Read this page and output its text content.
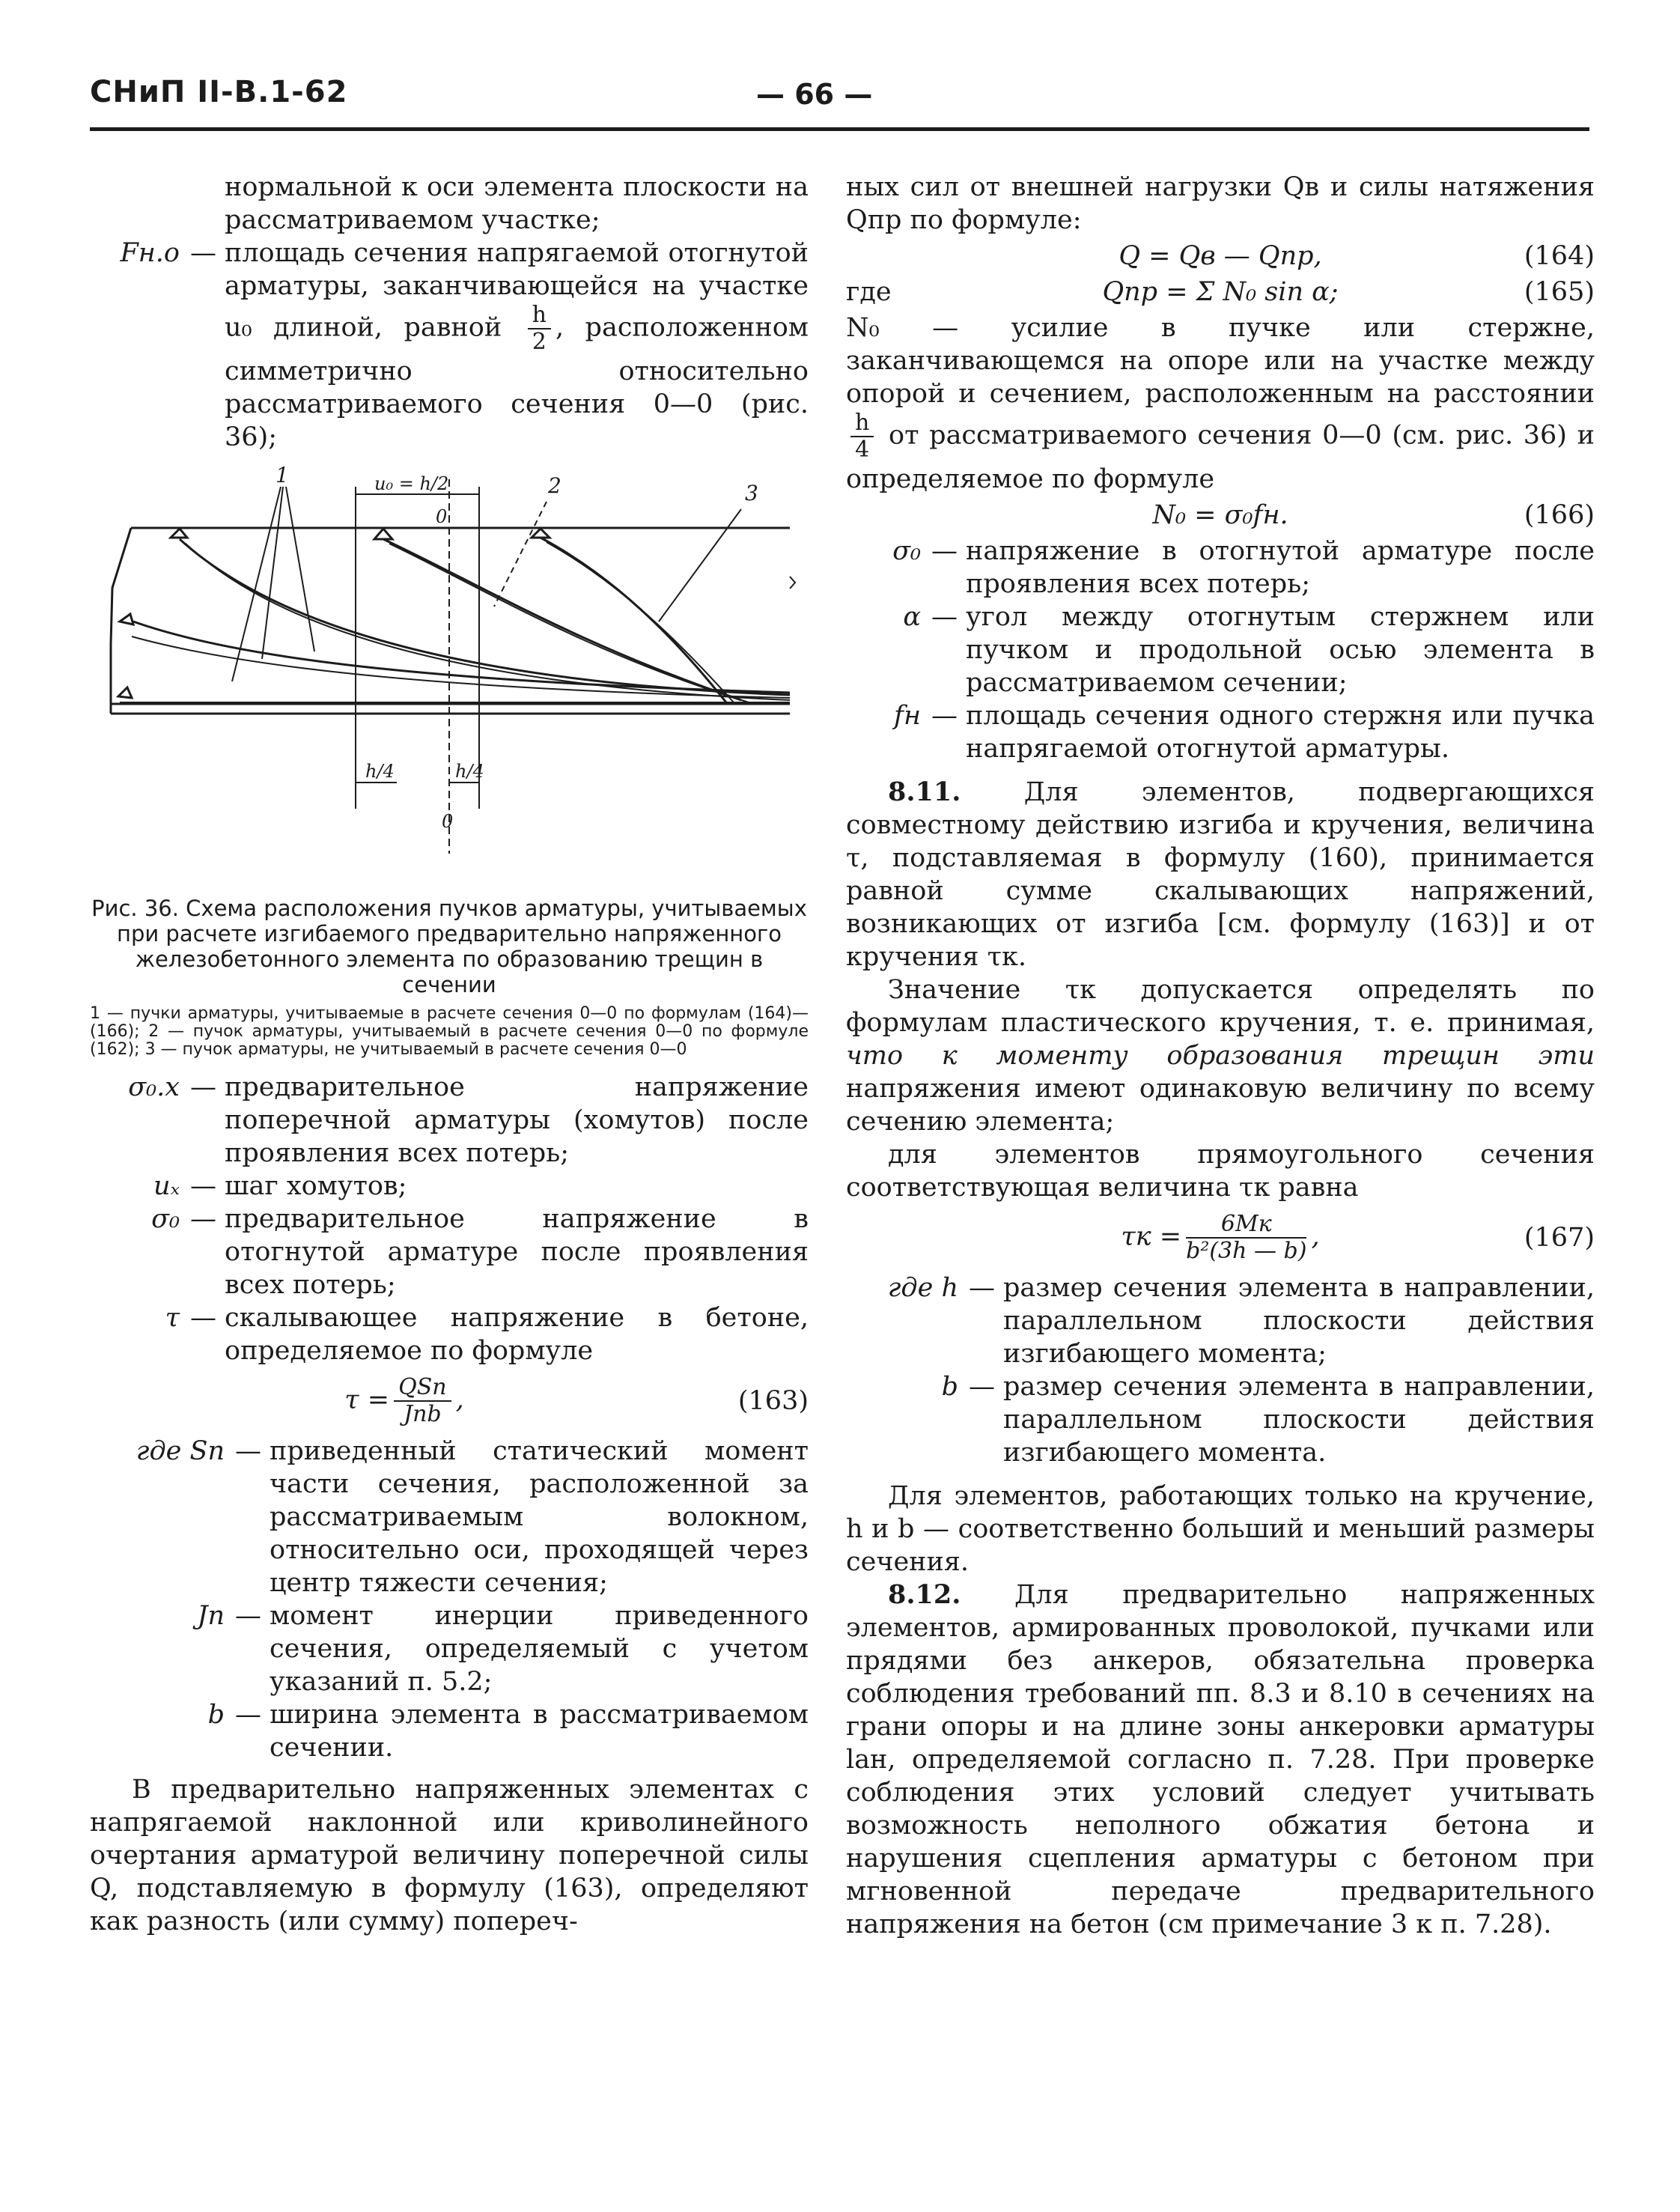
СНиП II-В.1-62	— 66 —
нормальной к оси элемента плоскости на рассматриваемом участке;
Fн.о — площадь сечения напрягаемой отогнутой арматуры, заканчивающейся на участке u₀ длиной, равной $\frac{h}{2}$ , расположенном симметрично относительно рассматриваемого сечения 0—0 (рис. 36);
1	2	3
u₀ = h/2
0
0
h/4	h/4

Рис. 36. Схема расположения пучков арматуры, учитываемых при расчете изгибаемого предварительно напряженного железобетонного элемента по образованию трещин в сечении

1 — пучки арматуры, учитываемые в расчете сечения 0—0 по формулам (164)—(166); 2 — пучок арматуры, учитываемый в расчете сечения 0—0 по формуле (162); 3 — пучок арматуры, не учитываемый в расчете сечения 0—0

σ₀.x — предварительное напряжение поперечной арматуры (хомутов) после проявления всех потерь;
uₓ — шаг хомутов;
σ₀ — предварительное напряжение в отогнутой арматуре после проявления всех потерь;
τ — скалывающее напряжение в бетоне, определяемое по формуле
$\tau = \frac{\text{QSп}}{\text{Jпb}}$ ,	(163)
где Sп — приведенный статический момент части сечения, расположенной за рассматриваемым волокном, относительно оси, проходящей через центр тяжести сечения;
Jп — момент инерции приведенного сечения, определяемый с учетом указаний п. 5.2;
b — ширина элемента в рассматриваемом сечении.

В предварительно напряженных элементах с напрягаемой наклонной или криволинейного очертания арматурой величину поперечной силы Q, подставляемую в формулу (163), определяют как разность (или сумму) попереч-

ных сил от внешней нагрузки Qв и силы натяжения Qпр по формуле:

Q = Qв — Qпр,	(164)
где	Qпр = Σ N₀ sin α;	(165)

N₀ — усилие в пучке или стержне, заканчивающемся на опоре или на участке между опорой и сечением, расположенным на расстоянии
$\frac{h}{4}$ от рассматриваемого сечения 0—0 (см. рис. 36) и определяемое по формуле

N₀ = σ₀fн.	(166)
σ₀ — напряжение в отогнутой арматуре после проявления всех потерь;
α — угол между отогнутым стержнем или пучком и продольной осью элемента в рассматриваемом сечении;
fн — площадь сечения одного стержня или пучка напрягаемой отогнутой арматуры.

8.11. Для элементов, подвергающихся совместному действию изгиба и кручения, величина τ, подставляемая в формулу (160), принимается равной сумме скалывающих напряжений, возникающих от изгиба [см. формулу (163)] и от кручения τк.

Значение τк допускается определять по формулам пластического кручения, т. е. принимая, что к моменту образования трещин эти напряжения имеют одинаковую величину по всему сечению элемента;

для элементов прямоугольного сечения соответствующая величина τк равна

$\tau к = \frac{6Mк}{\text{b²(3h — b)}}$ ,	(167)
где h — размер сечения элемента в направлении, параллельном плоскости действия изгибающего момента;
b — размер сечения элемента в направлении, параллельном плоскости действия изгибающего момента.

Для элементов, работающих только на кручение, h и b — соответственно больший и меньший размеры сечения.

8.12. Для предварительно напряженных элементов, армированных проволокой, пучками или прядями без анкеров, обязательна проверка соблюдения требований пп. 8.3 и 8.10 в сечениях на грани опоры и на длине зоны анкеровки арматуры lан, определяемой согласно п. 7.28. При проверке соблюдения этих условий следует учитывать возможность неполного обжатия бетона и нарушения сцепления арматуры с бетоном при мгновенной передаче предварительного напряжения на бетон (см примечание 3 к п. 7.28).
